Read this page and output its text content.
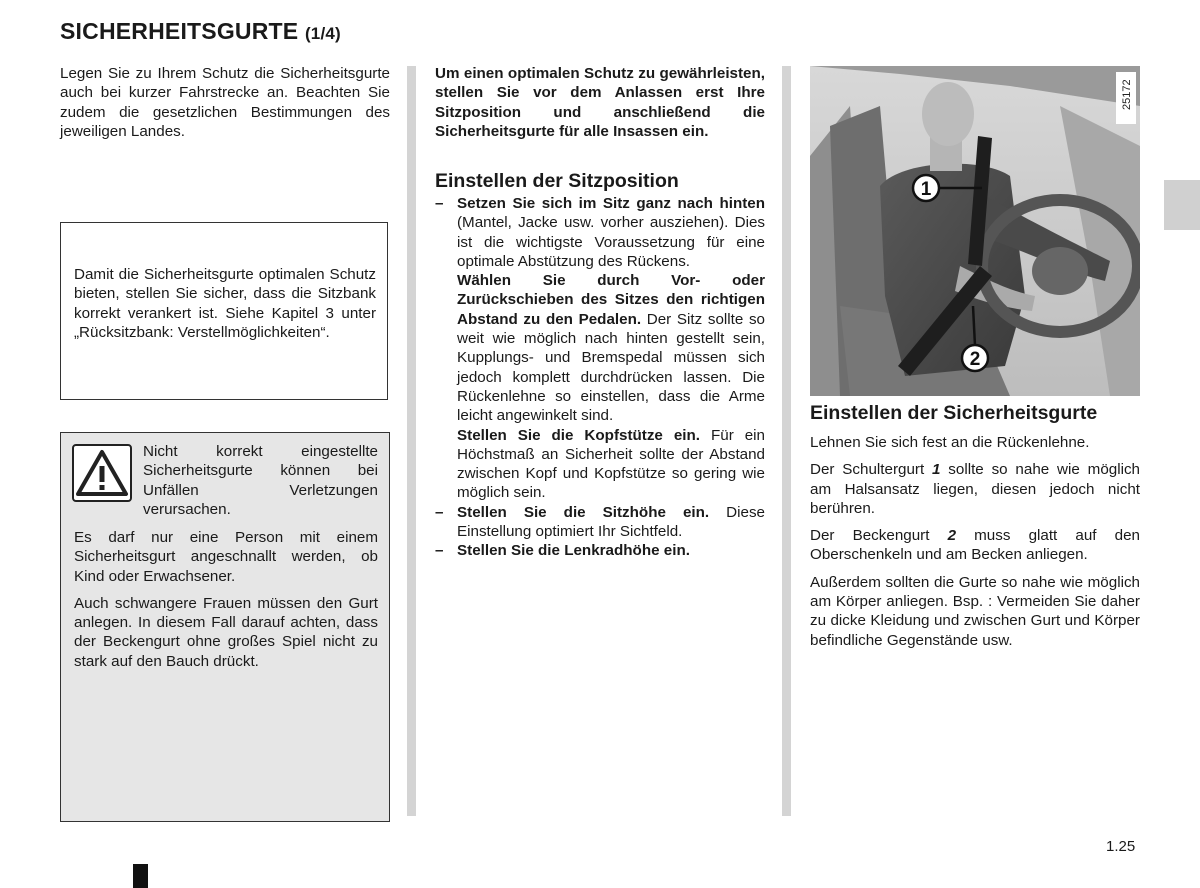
SICHERHEITSGURTE (1/4)

Legen Sie zu Ihrem Schutz die Sicherheitsgurte auch bei kurzer Fahrstrecke an. Beachten Sie zudem die gesetzlichen Bestimmungen des jeweiligen Landes.

Damit die Sicherheitsgurte optimalen Schutz bieten, stellen Sie sicher, dass die Sitzbank korrekt verankert ist. Siehe Kapitel 3 unter „Rücksitzbank: Verstellmöglichkeiten“.

Nicht korrekt eingestellte Sicherheitsgurte können bei Unfällen Verletzungen verursachen.

Es darf nur eine Person mit einem Sicherheitsgurt angeschnallt werden, ob Kind oder Erwachsener.

Auch schwangere Frauen müssen den Gurt anlegen. In diesem Fall darauf achten, dass der Beckengurt ohne großes Spiel nicht zu stark auf den Bauch drückt.

Um einen optimalen Schutz zu gewährleisten, stellen Sie vor dem Anlassen erst Ihre Sitzposition und anschließend die Sicherheitsgurte für alle Insassen ein.

Einstellen der Sitzposition
– Setzen Sie sich im Sitz ganz nach hinten (Mantel, Jacke usw. vorher ausziehen). Dies ist die wichtigste Voraussetzung für eine optimale Abstützung des Rückens.
Wählen Sie durch Vor- oder Zurückschieben des Sitzes den richtigen Abstand zu den Pedalen. Der Sitz sollte so weit wie möglich nach hinten gestellt sein, Kupplungs- und Bremspedal müssen sich jedoch komplett durchdrücken lassen. Die Rückenlehne so einstellen, dass die Arme leicht angewinkelt sind.
Stellen Sie die Kopfstütze ein. Für ein Höchstmaß an Sicherheit sollte der Abstand zwischen Kopf und Kopfstütze so gering wie möglich sein.
– Stellen Sie die Sitzhöhe ein. Diese Einstellung optimiert Ihr Sichtfeld.
– Stellen Sie die Lenkradhöhe ein.
1
2
25172
Einstellen der Sicherheitsgurte

Lehnen Sie sich fest an die Rückenlehne.

Der Schultergurt 1 sollte so nahe wie möglich am Halsansatz liegen, diesen jedoch nicht berühren.

Der Beckengurt 2 muss glatt auf den Oberschenkeln und am Becken anliegen.

Außerdem sollten die Gurte so nahe wie möglich am Körper anliegen. Bsp. : Vermeiden Sie daher zu dicke Kleidung und zwischen Gurt und Körper befindliche Gegenstände usw.

1.25
